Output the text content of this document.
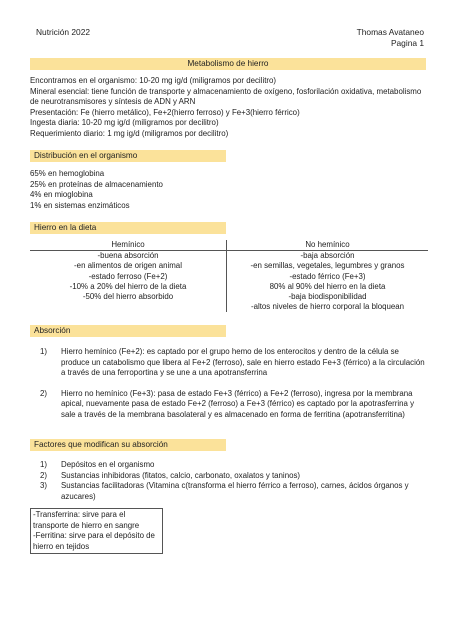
Nutrición 2022	Thomas Avataneo
Pagina 1
Metabolismo de hierro

Encontramos en el organismo: 10-20 mg ig/d (miligramos por decilitro)

Mineral esencial: tiene función de transporte y almacenamiento de oxígeno, fosforilación oxidativa, metabolismo de neurotransmisores y síntesis de ADN y ARN

Presentación: Fe (hierro metálico), Fe+2(hierro ferroso) y Fe+3(hierro férrico)

Ingesta diaria: 10-20 mg ig/d (miligramos por decilitro)

Requerimiento diario: 1 mg ig/d (miligramos por decilitro)

Distribución en el organismo

65% en hemoglobina

25% en proteínas de almacenamiento

4% en mioglobina

1% en sistemas enzimáticos

Hierro en la dieta
Hemínico	No hemínico
-buena absorción	-baja absorción
-en alimentos de origen animal	-en semillas, vegetales, legumbres y granos
-estado ferroso (Fe+2)	-estado férrico (Fe+3)
-10% a 20% del hierro de la dieta	80% al 90% del hierro en la dieta
-50% del hierro absorbido	-baja biodisponibilidad
	-altos niveles de hierro corporal la bloquean
Absorción
1) Hierro hemínico (Fe+2): es captado por el grupo hemo de los enterocitos y dentro de la célula se produce un catabolismo que libera al Fe+2 (ferroso), sale en hierro estado Fe+3 (férrico) a la circulación a través de una ferroportina y se une a una apotransferrina
2) Hierro no hemínico (Fe+3): pasa de estado Fe+3 (férrico) a Fe+2 (ferroso), ingresa por la membrana apical, nuevamente pasa de estado Fe+2 (ferroso) a Fe+3 (férrico) es captado por la apotrasferrina y sale a través de la membrana basolateral y es almacenado en forma de ferritina (apotransferritina)
Factores que modifican su absorción
1) Depósitos en el organismo
2) Sustancias inhibidoras (fitatos, calcio, carbonato, oxalatos y taninos)
3) Sustancias facilitadoras (Vitamina c(transforma el hierro férrico a ferroso), carnes, ácidos órganos y azucares)
-Transferrina: sirve para el transporte de hierro en sangre
-Ferritina: sirve para el depósito de hierro en tejidos
